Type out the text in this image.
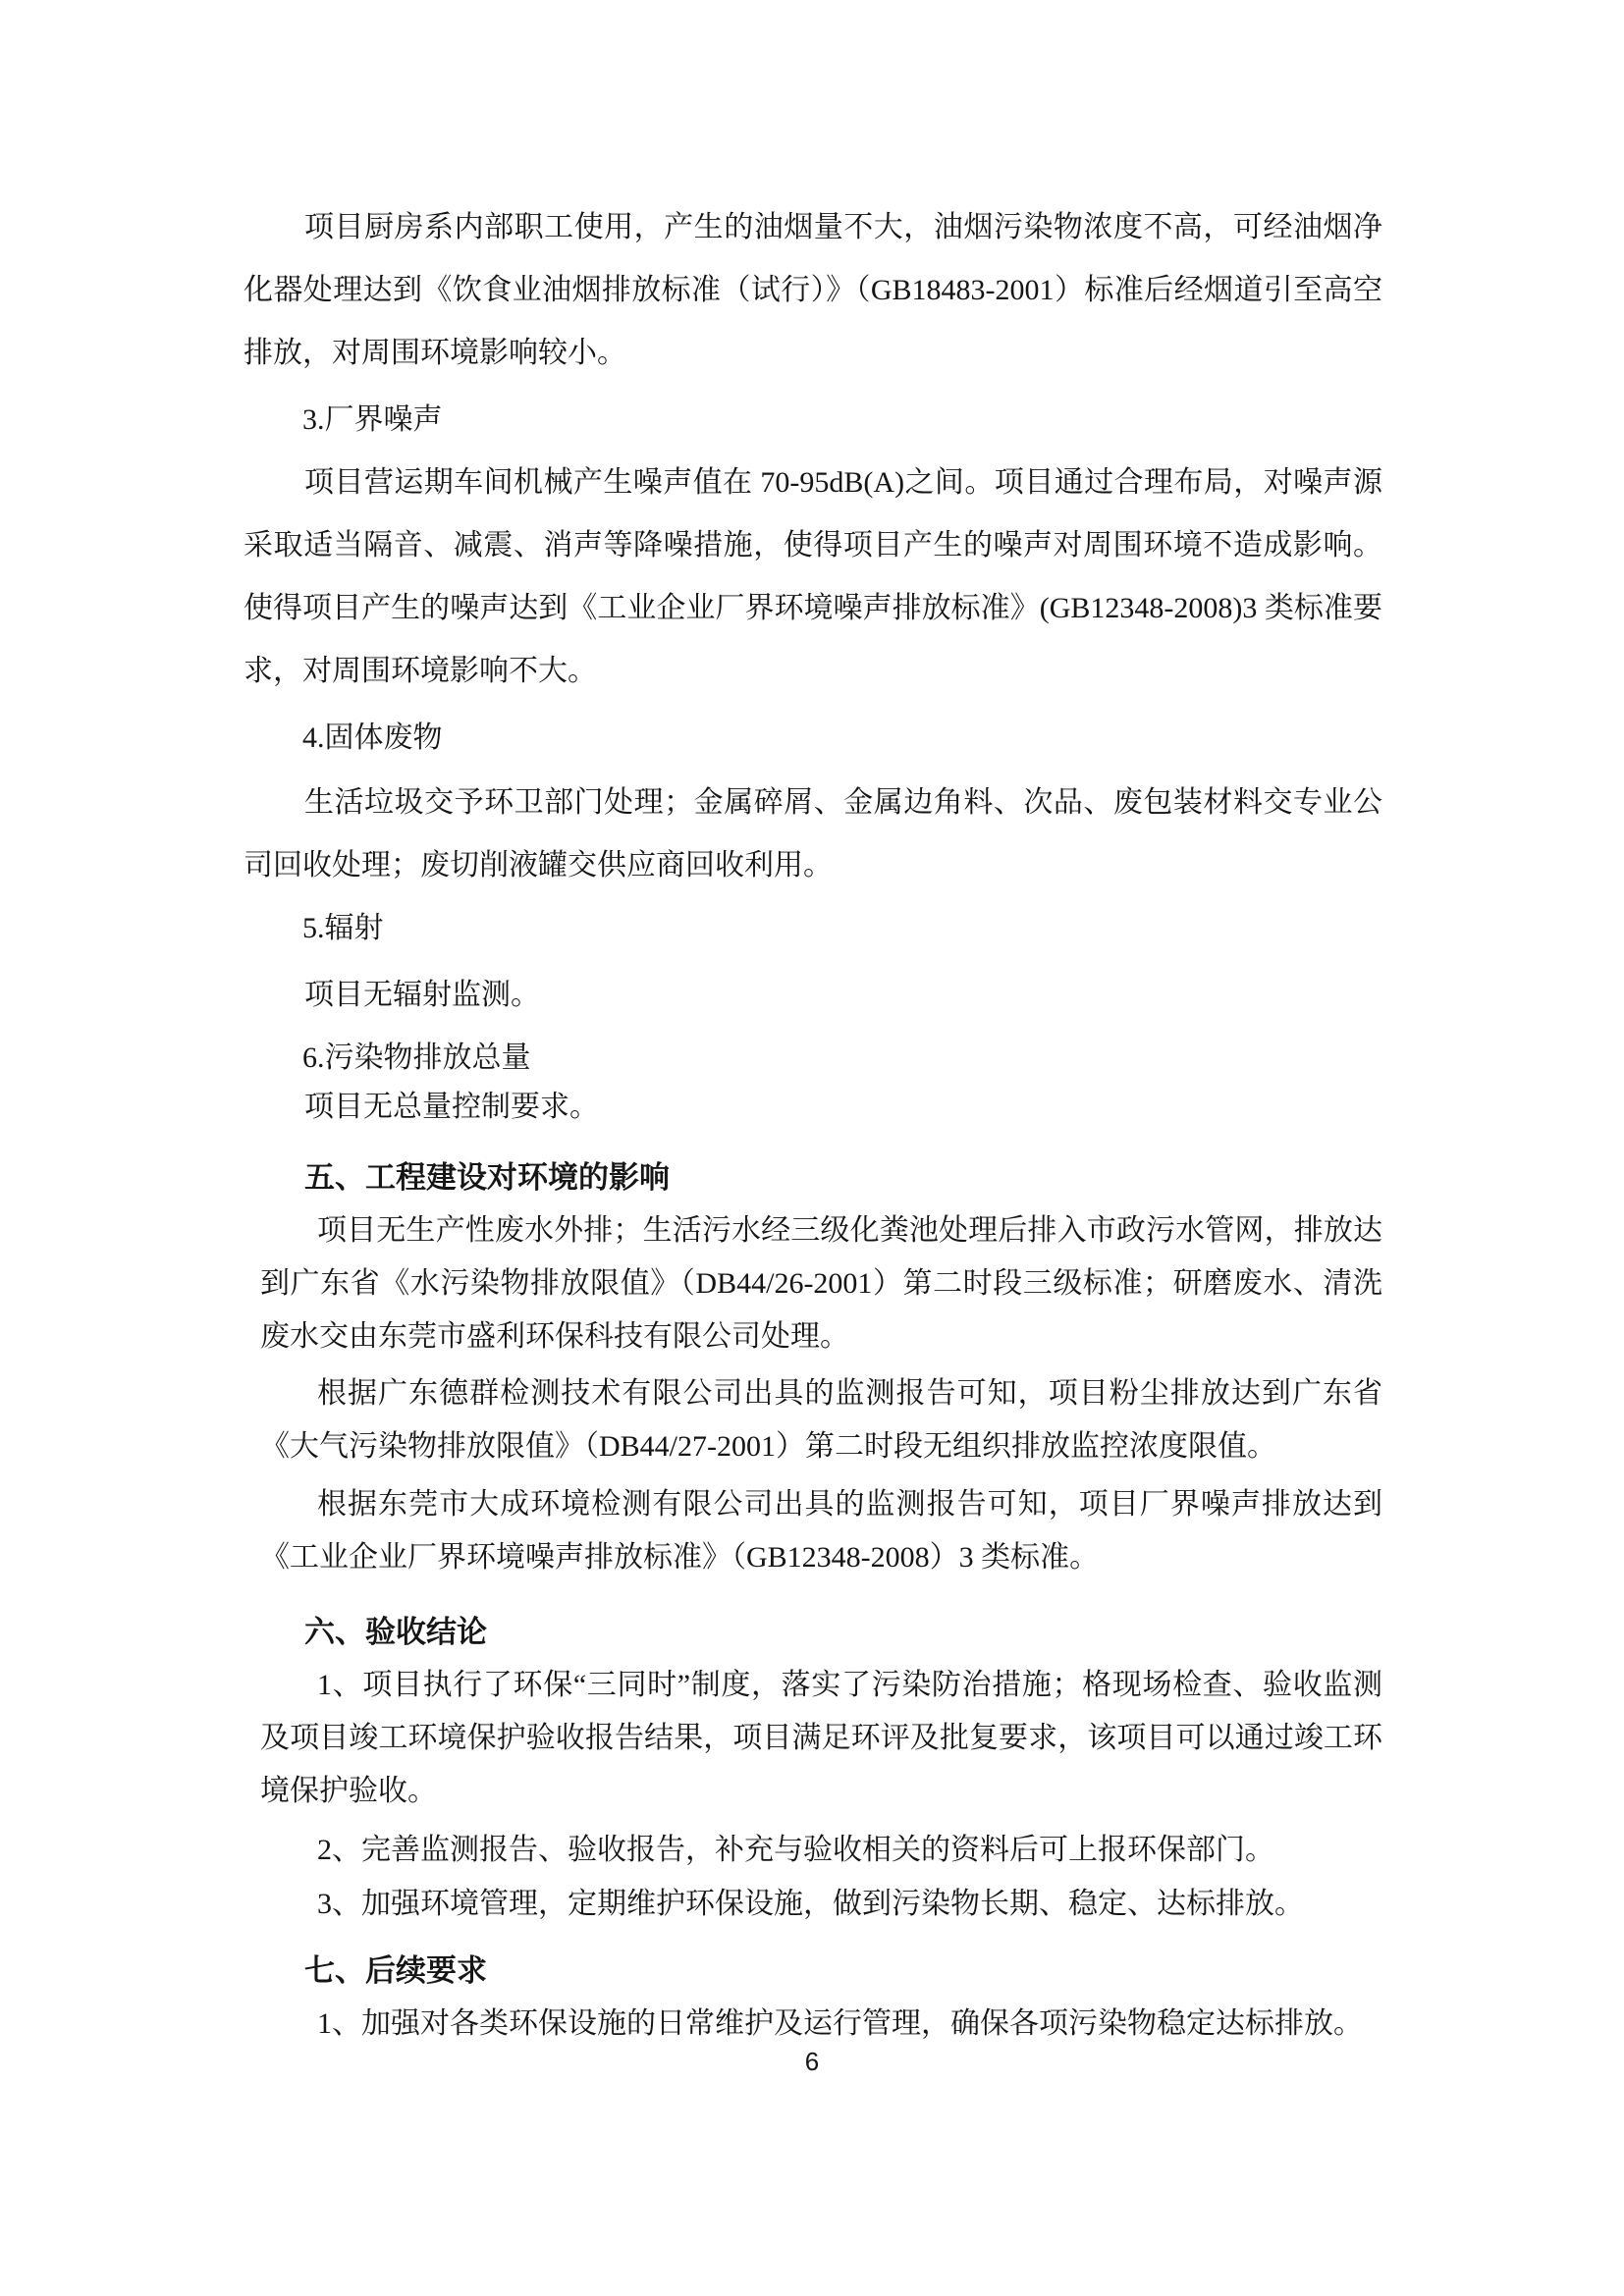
项目厨房系内部职工使用，产生的油烟量不大，油烟污染物浓度不高，可经油烟净化器处理达到《饮食业油烟排放标准（试行）》（GB18483-2001）标准后经烟道引至高空排放，对周围环境影响较小。
3.厂界噪声
项目营运期车间机械产生噪声值在 70-95dB(A)之间。项目通过合理布局，对噪声源采取适当隔音、减震、消声等降噪措施，使得项目产生的噪声对周围环境不造成影响。使得项目产生的噪声达到《工业企业厂界环境噪声排放标准》(GB12348-2008)3 类标准要求，对周围环境影响不大。
4.固体废物
生活垃圾交予环卫部门处理；金属碎屑、金属边角料、次品、废包装材料交专业公司回收处理；废切削液罐交供应商回收利用。
5.辐射
项目无辐射监测。
6.污染物排放总量
项目无总量控制要求。
五、工程建设对环境的影响
项目无生产性废水外排；生活污水经三级化粪池处理后排入市政污水管网，排放达到广东省《水污染物排放限值》（DB44/26-2001）第二时段三级标准；研磨废水、清洗废水交由东莞市盛利环保科技有限公司处理。
根据广东德群检测技术有限公司出具的监测报告可知，项目粉尘排放达到广东省《大气污染物排放限值》（DB44/27-2001）第二时段无组织排放监控浓度限值。
根据东莞市大成环境检测有限公司出具的监测报告可知，项目厂界噪声排放达到《工业企业厂界环境噪声排放标准》（GB12348-2008）3 类标准。
六、验收结论
1、项目执行了环保“三同时”制度，落实了污染防治措施；格现场检查、验收监测及项目竣工环境保护验收报告结果，项目满足环评及批复要求，该项目可以通过竣工环境保护验收。
2、完善监测报告、验收报告，补充与验收相关的资料后可上报环保部门。
3、加强环境管理，定期维护环保设施，做到污染物长期、稳定、达标排放。
七、后续要求
1、加强对各类环保设施的日常维护及运行管理，确保各项污染物稳定达标排放。
6
